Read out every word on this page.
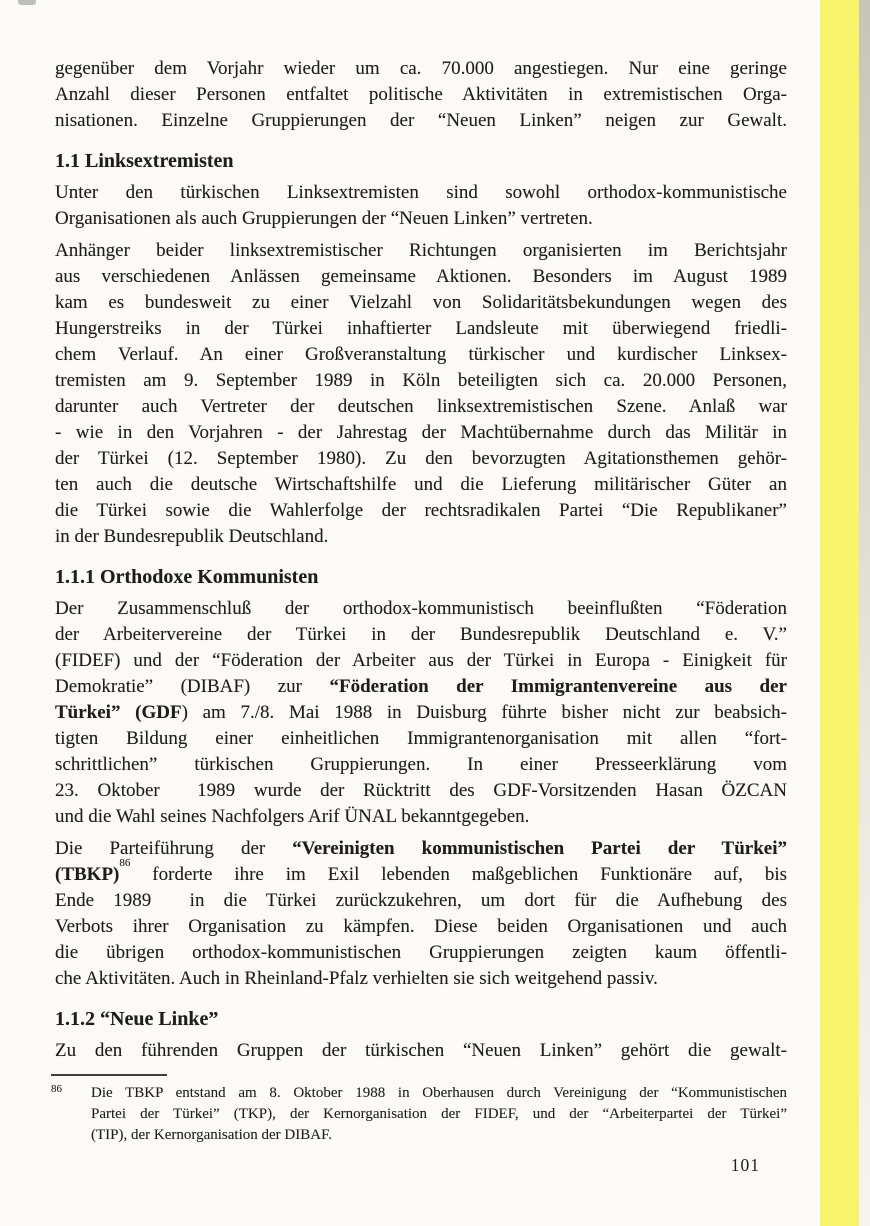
gegenüber dem Vorjahr wieder um ca. 70.000 angestiegen. Nur eine geringe
Anzahl dieser Personen entfaltet politische Aktivitäten in extremistischen Orga-
nisationen. Einzelne Gruppierungen der “Neuen Linken” neigen zur Gewalt.

1.1 Linksextremisten

Unter den türkischen Linksextremisten sind sowohl orthodox-kommunistische
Organisationen als auch Gruppierungen der “Neuen Linken” vertreten.

Anhänger beider linksextremistischer Richtungen organisierten im Berichtsjahr
aus verschiedenen Anlässen gemeinsame Aktionen. Besonders im August 1989
kam es bundesweit zu einer Vielzahl von Solidaritätsbekundungen wegen des
Hungerstreiks in der Türkei inhaftierter Landsleute mit überwiegend friedli-
chem Verlauf. An einer Großveranstaltung türkischer und kurdischer Linksex-
tremisten am 9. September 1989 in Köln beteiligten sich ca. 20.000 Personen,
darunter auch Vertreter der deutschen linksextremistischen Szene. Anlaß war
- wie in den Vorjahren - der Jahrestag der Machtübernahme durch das Militär in
der Türkei (12. September 1980). Zu den bevorzugten Agitationsthemen gehör-
ten auch die deutsche Wirtschaftshilfe und die Lieferung militärischer Güter an
die Türkei sowie die Wahlerfolge der rechtsradikalen Partei “Die Republikaner”
in der Bundesrepublik Deutschland.

1.1.1 Orthodoxe Kommunisten

Der Zusammenschluß der orthodox-kommunistisch beeinflußten “Föderation
der Arbeitervereine der Türkei in der Bundesrepublik Deutschland e. V.”
(FIDEF) und der “Föderation der Arbeiter aus der Türkei in Europa - Einigkeit für
Demokratie” (DIBAF) zur “Föderation der Immigrantenvereine aus der
Türkei” (GDF) am 7./8. Mai 1988 in Duisburg führte bisher nicht zur beabsich-
tigten Bildung einer einheitlichen Immigrantenorganisation mit allen “fort-
schrittlichen” türkischen Gruppierungen. In einer Presseerklärung vom
23. Oktober  1989 wurde der Rücktritt des GDF-Vorsitzenden Hasan ÖZCAN
und die Wahl seines Nachfolgers Arif ÜNAL bekanntgegeben.

Die Parteiführung der “Vereinigten kommunistischen Partei der Türkei”
(TBKP)$^{86}$ forderte ihre im Exil lebenden maßgeblichen Funktionäre auf, bis
Ende 1989  in die Türkei zurückzukehren, um dort für die Aufhebung des
Verbots ihrer Organisation zu kämpfen. Diese beiden Organisationen und auch
die übrigen orthodox-kommunistischen Gruppierungen zeigten kaum öffentli-
che Aktivitäten. Auch in Rheinland-Pfalz verhielten sie sich weitgehend passiv.

1.1.2 “Neue Linke”

Zu den führenden Gruppen der türkischen “Neuen Linken” gehört die gewalt-

86 Die TBKP entstand am 8. Oktober 1988 in Oberhausen durch Vereinigung der “Kommunistischen
Partei der Türkei” (TKP), der Kernorganisation der FIDEF, und der “Arbeiterpartei der Türkei”
(TIP), der Kernorganisation der DIBAF.
101
